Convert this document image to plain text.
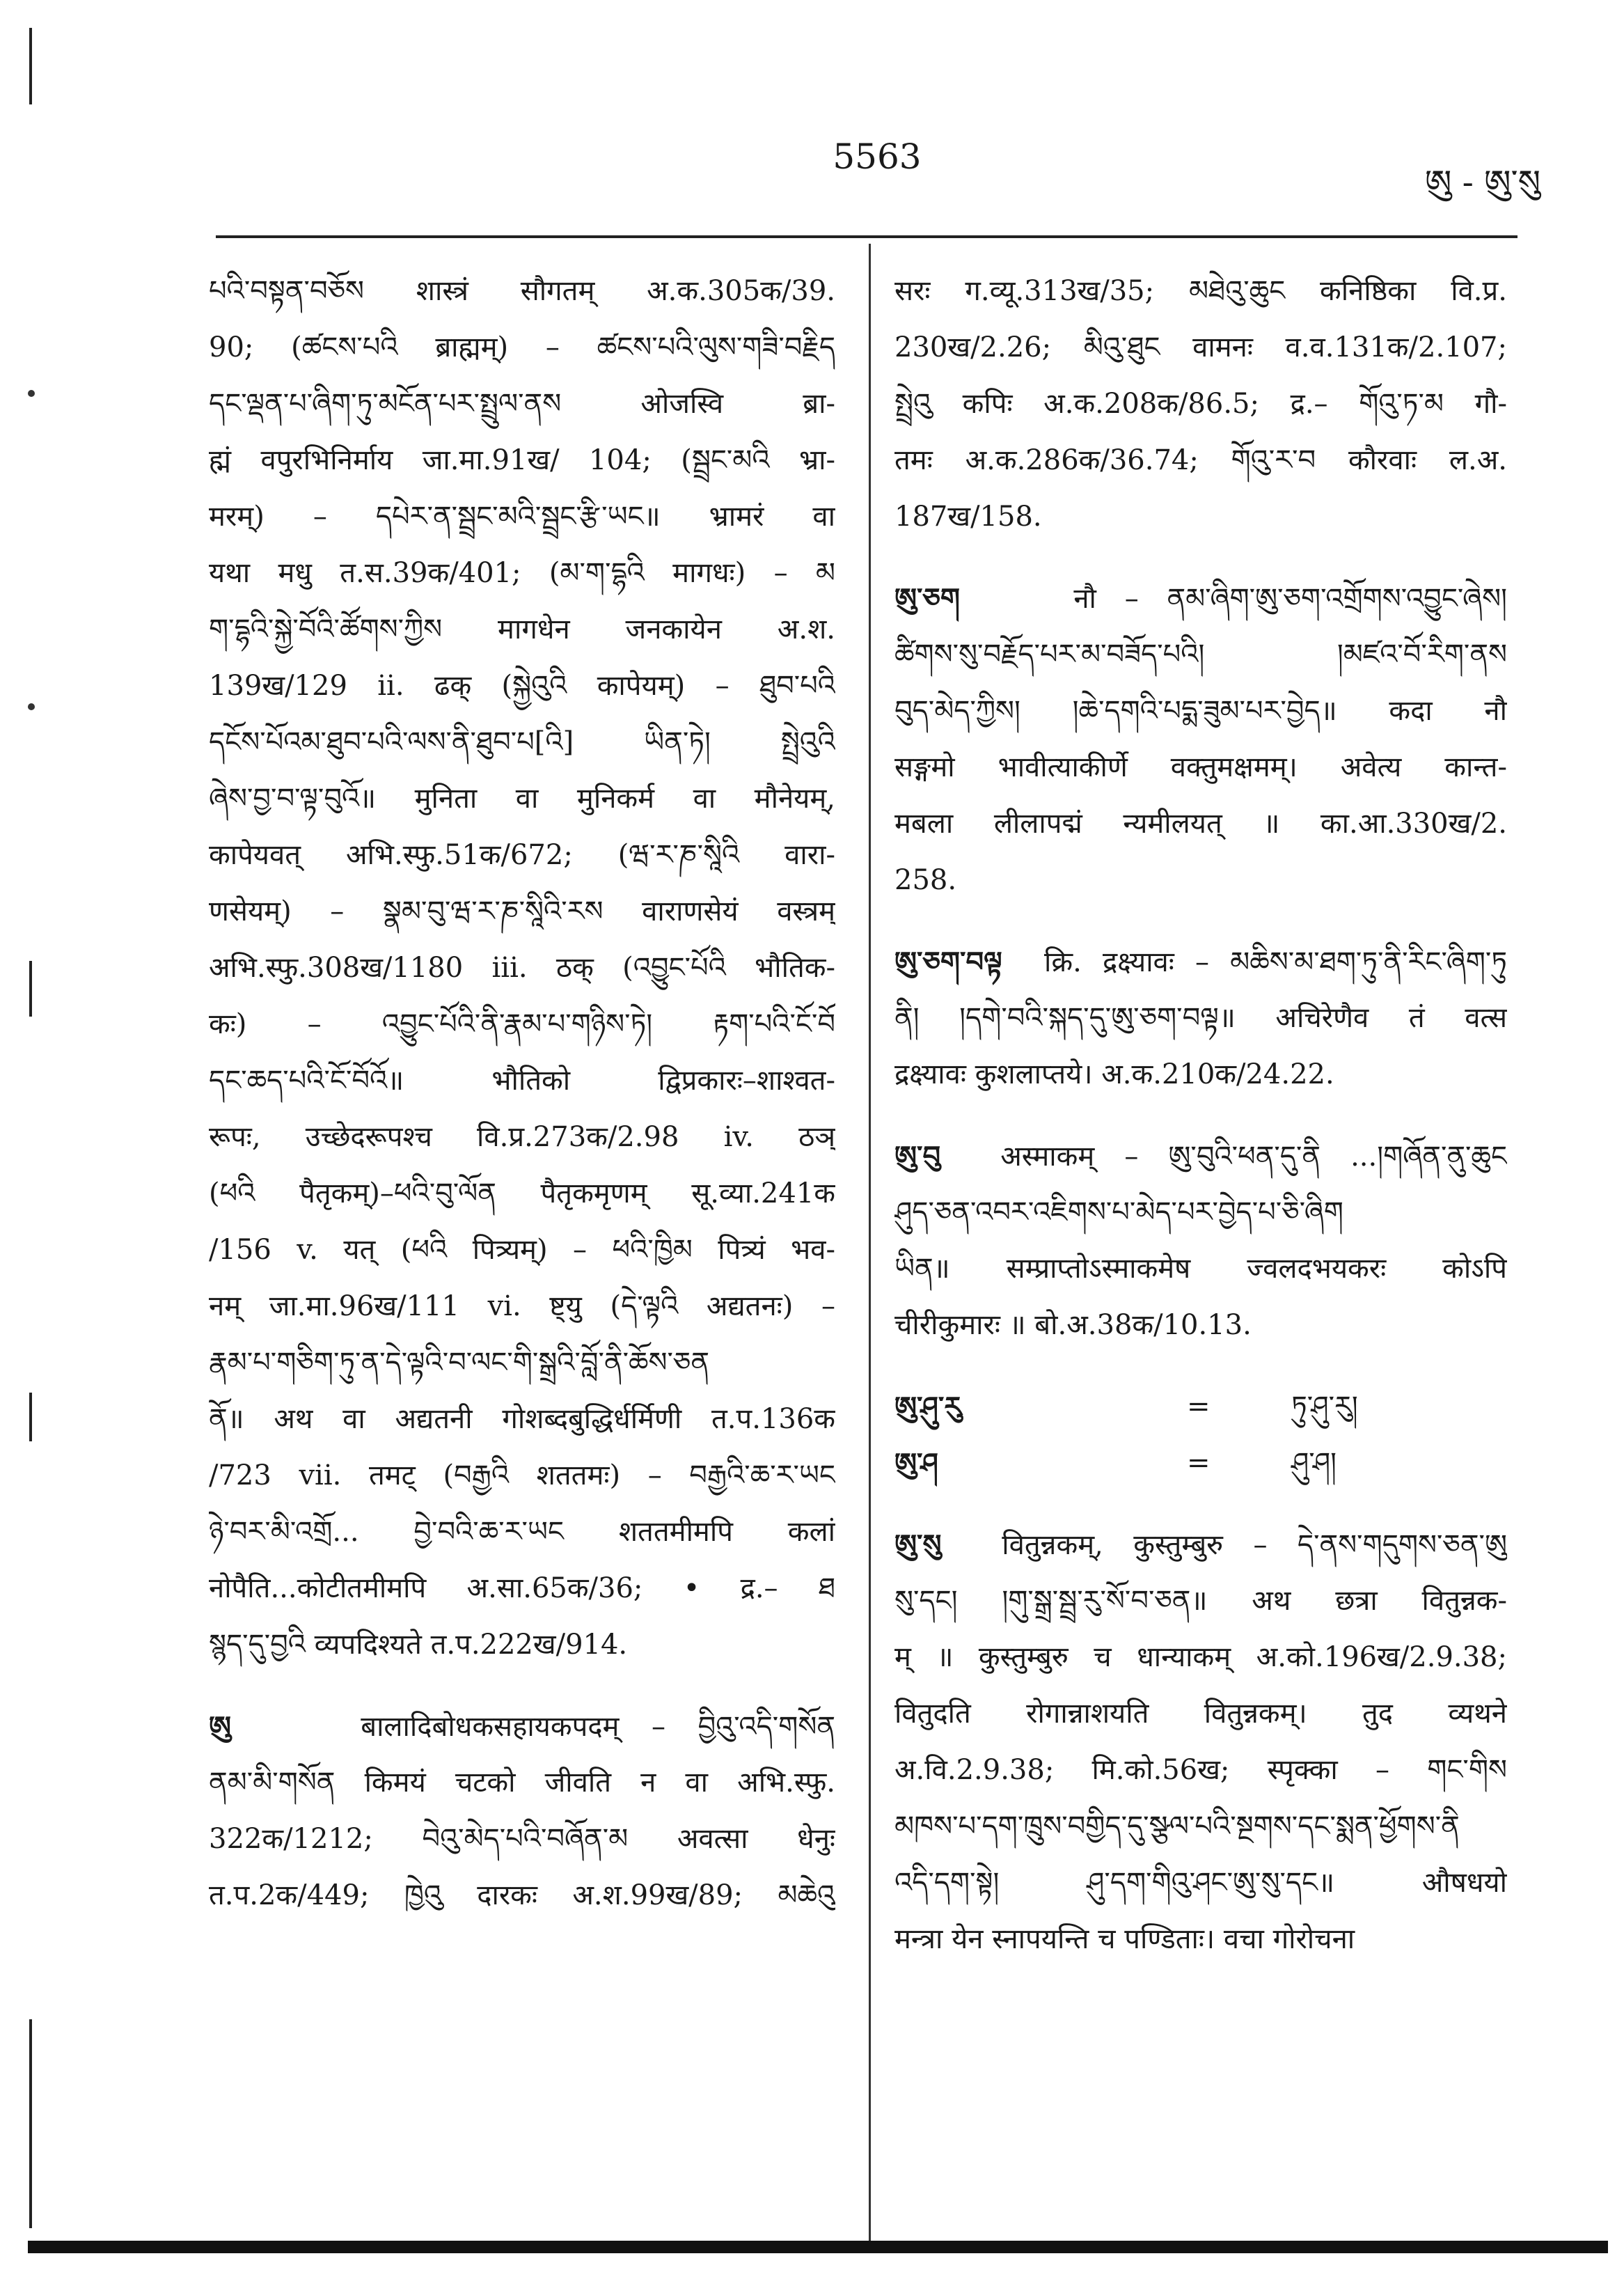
5563
ཨུ - ཨུ་སུ
པའི་བསྟན་བཅོས शास्त्रं सौगतम् अ.क.305क/39.
90; (ཚངས་པའི ब्राह्मम्) – ཚངས་པའི་ལུས་གཟི་བརྗིད
དང་ལྡན་པ་ཞིག་ཏུ་མངོན་པར་སྤྲུལ་ནས ओजस्वि ब्रा-
ह्मं वपुरभिनिर्माय जा.मा.91ख/ 104; (སྦྲང་མའི भ्रा-
मरम्) – དཔེར་ན་སྦྲང་མའི་སྦྲང་རྩི་ཡང॥ भ्रामरं वा
यथा मधु त.स.39क/401; (མ་ག་དྷའི मागधः) – མ
ག་དྷའི་སྐྱེ་བོའི་ཚོགས་ཀྱིས मागधेन जनकायेन अ.श.
139ख/129 ii. ढक् (སྐྱེའུའི कापेयम्) – ཐུབ་པའི
དངོས་པོའམ་ཐུབ་པའི་ལས་ནི་ཐུབ་པ[འི] ཡིན་ཏེ། སྤྲེའུའི
ཞེས་བྱ་བ་ལྟ་བུའོ॥ मुनिता वा मुनिकर्म वा मौनेयम्,
कापेयवत् अभि.स्फु.51क/672; (ཝ་ར་ཎ་སཱིའི वारा-
णसेयम्) – སྣམ་བུ་ཝ་ར་ཎ་སཱིའི་རས वाराणसेयं वस्त्रम्
अभि.स्फु.308ख/1180 iii. ठक् (འབྱུང་པོའི भौतिक-
कः) – འབྱུང་པོའི་ནི་རྣམ་པ་གཉིས་ཏེ། རྟག་པའི་ངོ་བོ
དང་ཆད་པའི་ངོ་བོའོ॥ भौतिको द्विप्रकारः–शाश्वत-
रूपः, उच्छेदरूपश्च वि.प्र.273क/2.98 iv. ठञ्
(ཕའི पैतृकम्)–ཕའི་བུ་ལོན पैतृकमृणम् सू.व्या.241क
/156 v. यत् (ཕའི पित्र्यम्) – ཕའི་ཁྱིམ पित्र्यं भव-
नम् जा.मा.96ख/111 vi. ष्ट्यु (དེ་ལྟའི अद्यतनः) –
རྣམ་པ་གཅིག་ཏུ་ན་དེ་ལྟའི་བ་ལང་གི་སྒྲའི་བློ་ནི་ཆོས་ཅན
ནོ॥ अथ वा अद्यतनी गोशब्दबुद्धिर्धर्मिणी त.प.136क
/723 vii. तमट् (བརྒྱའི शततमः) – བརྒྱའི་ཆ་ར་ཡང
ཉེ་བར་མི་འགྲོ... བྱེ་བའི་ཆ་ར་ཡང शततमीमपि कलां
नोपैति...कोटीतमीमपि अ.सा.65क/36; • द्र.– ཐ
སྙད་དུ་བྱའི व्यपदिश्यते त.प.222ख/914.
ཨུ	बालादिबोधकसहायकपदम् – བྱིའུ་འདི་གསོན
ནམ་མི་གསོན किमयं चटको जीवति न वा अभि.स्फु.
322क/1212; བེའུ་མེད་པའི་བཞོན་མ अवत्सा धेनुः
त.प.2क/449; ཁྱེའུ दारकः अ.श.99ख/89; མཆེའུ
सरः ग.व्यू.313ख/35; མཐེའུ་ཆུང कनिष्ठिका वि.प्र.
230ख/2.26; མིའུ་ཐུང वामनः व.व.131क/2.107;
སྤྲེའུ कपिः अ.क.208क/86.5; द्र.– གོའུ་ཏ་མ गौ-
तमः अ.क.286क/36.74; གོའུ་ར་བ कौरवाः ल.अ.
187ख/158.
ཨུ་ཅག	नौ – ནམ་ཞིག་ཨུ་ཅག་འགྲོགས་འབྱུང་ཞེས།
ཚིགས་སུ་བརྗོད་པར་མ་བཟོད་པའི། །མཛའ་བོ་རིག་ནས
བུད་མེད་ཀྱིས། །ཆེ་དགའི་པདྨ་ཟུམ་པར་བྱེད॥ कदा नौ
सङ्गमो भावीत्याकीर्णे वक्तुमक्षमम्। अवेत्य कान्त-
मबला लीलापद्मं न्यमीलयत् ॥ का.आ.330ख/2.
258.
ཨུ་ཅག་བལྟ क्रि. द्रक्ष्यावः – མཆིས་མ་ཐག་ཏུ་ནི་རིང་ཞིག་ཏུ
ནི། །དགེ་བའི་སྐད་དུ་ཨུ་ཅག་བལྟ॥ अचिरेणैव तं वत्स
द्रक्ष्यावः कुशलाप्तये। अ.क.210क/24.22.
ཨུ་བུ अस्माकम् – ཨུ་བུའི་ཕན་དུ་ནི ...།གཞོན་ནུ་ཆུང
ཤུད་ཅན་འབར་འཇིགས་པ་མེད་པར་བྱེད་པ་ཅི་ཞིག
ཡིན॥ सम्प्राप्तोऽस्माकमेष ज्वलदभयकरः कोऽपि
चीरीकुमारः ॥ बो.अ.38क/10.13.
ཨུ་ཤུ་རུ	=	ཏུ་ཤུ་རུ།
ཨུ་ཤ	=	ཤུ་ཤ།
ཨུ་སུ वितुन्नकम्, कुस्तुम्बुरु – དེ་ནས་གདུགས་ཅན་ཨུ
སུ་དང། །གུ་སྒྲ་སྦྲ་རུ་སོ་བ་ཅན॥ अथ छत्रा वितुन्नक-
म् ॥ कुस्तुम्बुरु च धान्याकम् अ.को.196ख/2.9.38;
वितुदति रोगान्नाशयति वितुन्नकम्। तुद व्यथने
अ.वि.2.9.38; मि.को.56ख; स्पृक्का – གང་གིས
མཁས་པ་དག་ཁྲུས་བགྱིད་དུ་སྩལ་པའི་སྔགས་དང་སྨན་ཕྱོགས་ནི
འདི་དག་སྟེ། ཤུ་དག་གིའུ་ཤང་ཨུ་སུ་དང॥ औषधयो
मन्त्रा येन स्नापयन्ति च पण्डिताः। वचा गोरोचना
